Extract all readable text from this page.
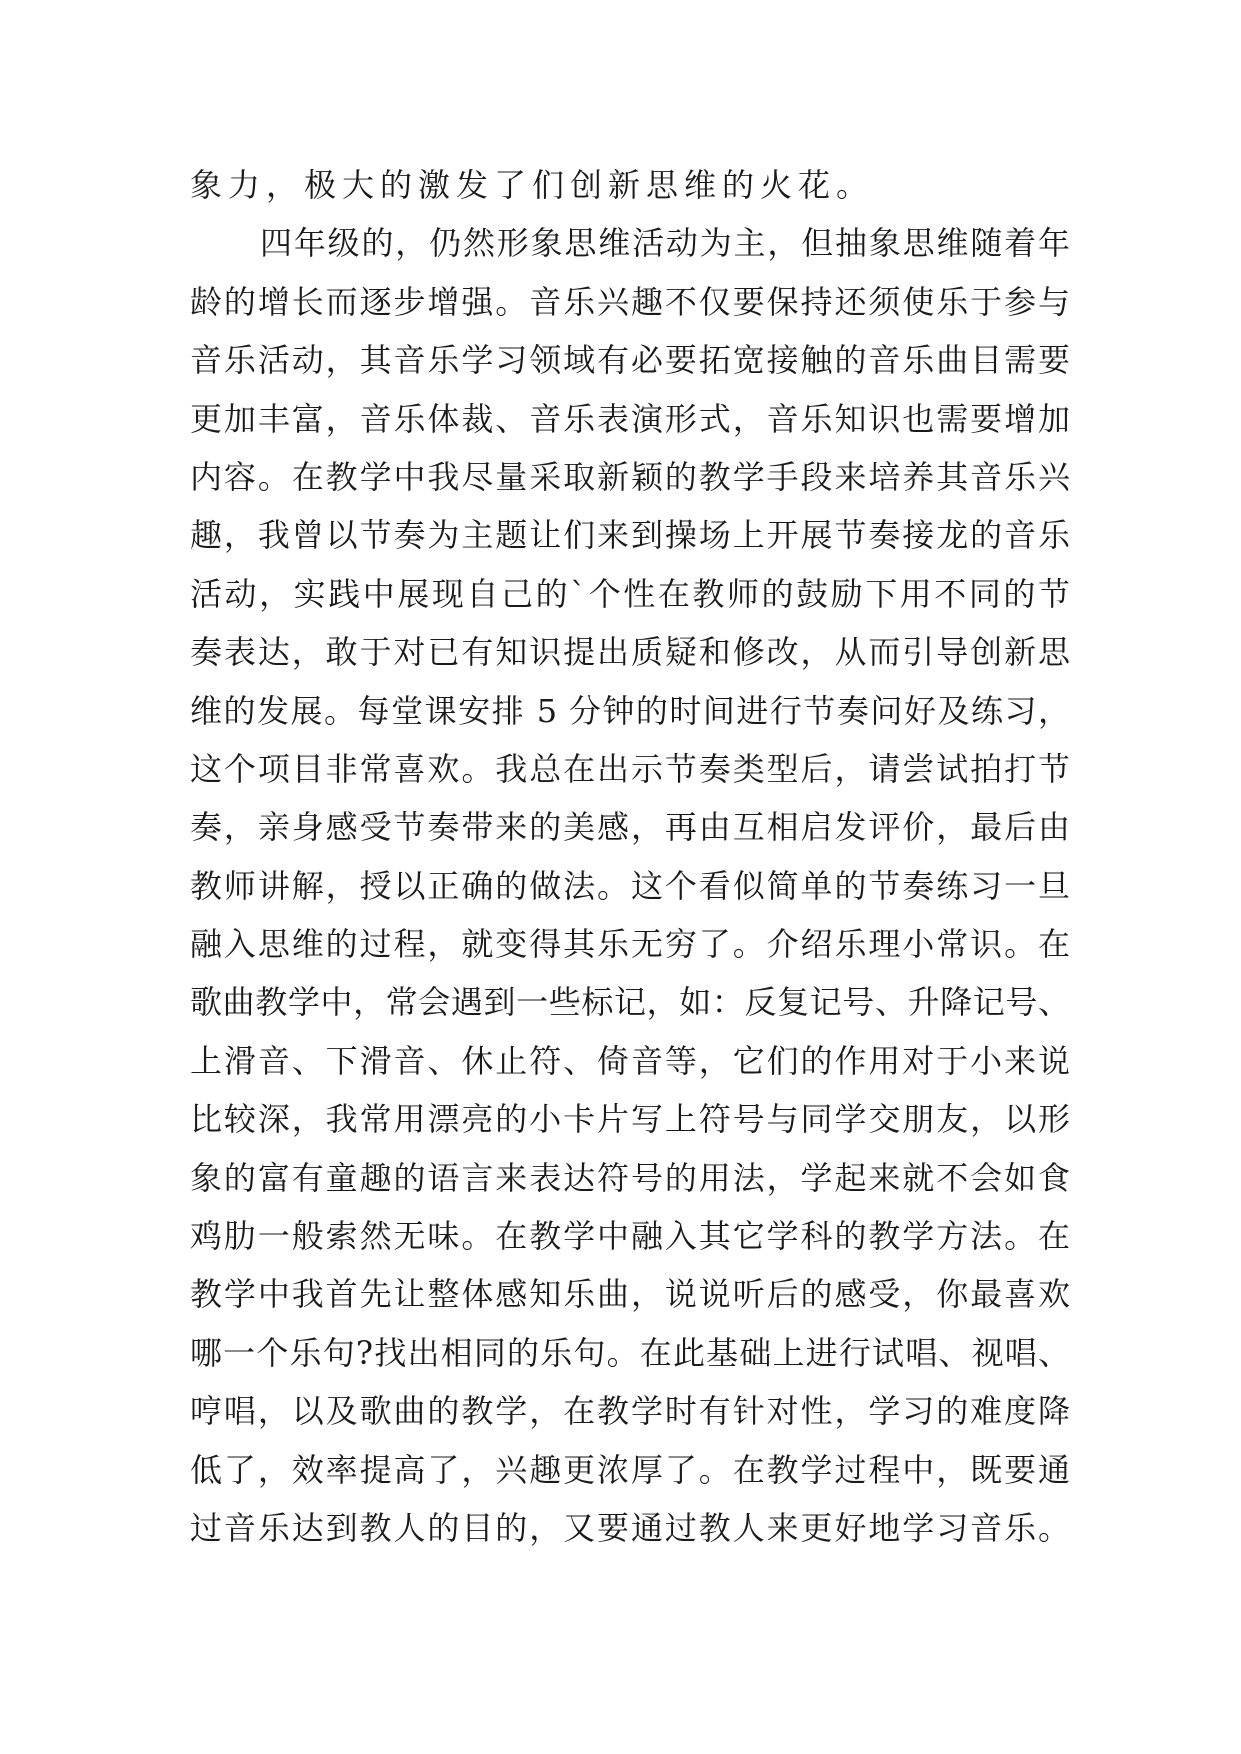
象力，极大的激发了们创新思维的火花。
四年级的，仍然形象思维活动为主，但抽象思维随着年
龄的增长而逐步增强。音乐兴趣不仅要保持还须使乐于参与
音乐活动，其音乐学习领域有必要拓宽接触的音乐曲目需要
更加丰富，音乐体裁、音乐表演形式，音乐知识也需要增加
内容。在教学中我尽量采取新颖的教学手段来培养其音乐兴
趣，我曾以节奏为主题让们来到操场上开展节奏接龙的音乐
活动，实践中展现自己的`个性在教师的鼓励下用不同的节
奏表达，敢于对已有知识提出质疑和修改，从而引导创新思
维的发展。每堂课安排 5 分钟的时间进行节奏问好及练习，
这个项目非常喜欢。我总在出示节奏类型后，请尝试拍打节
奏，亲身感受节奏带来的美感，再由互相启发评价，最后由
教师讲解，授以正确的做法。这个看似简单的节奏练习一旦
融入思维的过程，就变得其乐无穷了。介绍乐理小常识。在
歌曲教学中，常会遇到一些标记，如：反复记号、升降记号、
上滑音、下滑音、休止符、倚音等，它们的作用对于小来说
比较深，我常用漂亮的小卡片写上符号与同学交朋友，以形
象的富有童趣的语言来表达符号的用法，学起来就不会如食
鸡肋一般索然无味。在教学中融入其它学科的教学方法。在
教学中我首先让整体感知乐曲，说说听后的感受，你最喜欢
哪一个乐句?找出相同的乐句。在此基础上进行试唱、视唱、
哼唱，以及歌曲的教学，在教学时有针对性，学习的难度降
低了，效率提高了，兴趣更浓厚了。在教学过程中，既要通
过音乐达到教人的目的，又要通过教人来更好地学习音乐。
